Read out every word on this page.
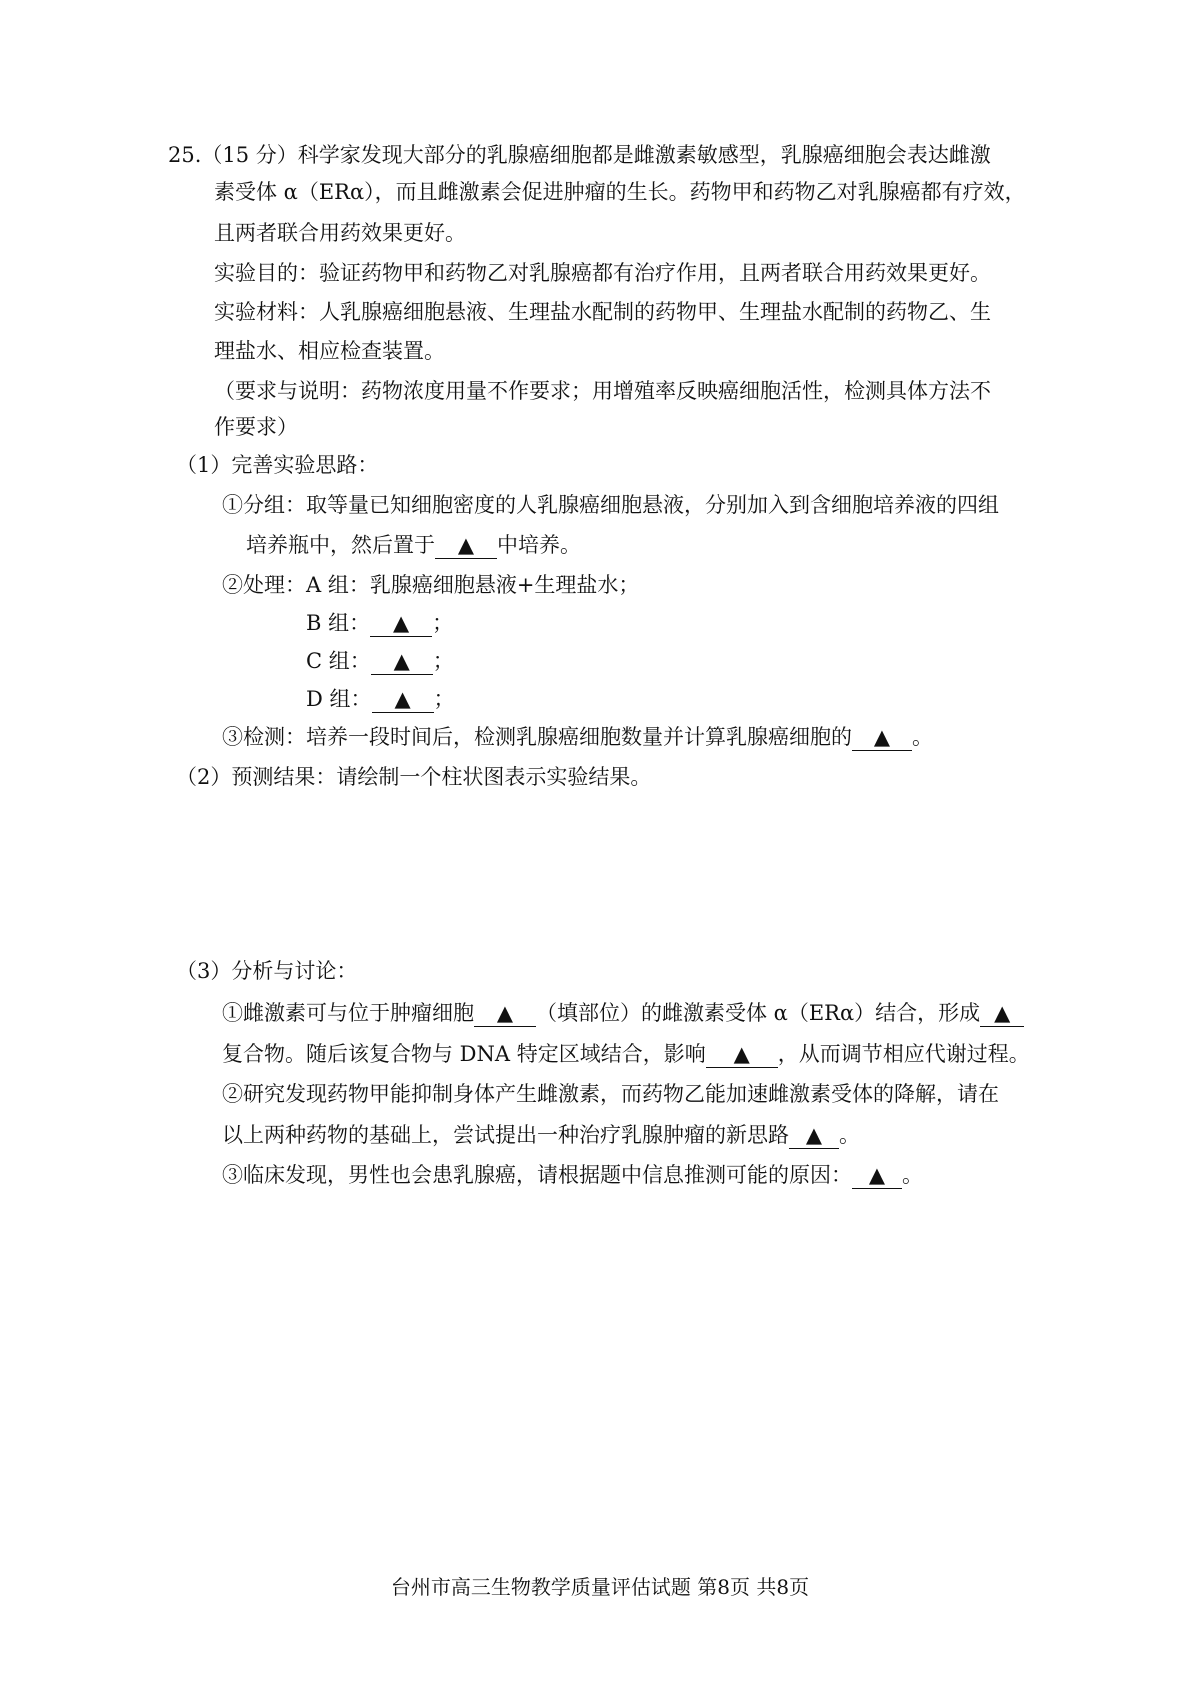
25.（15 分）科学家发现大部分的乳腺癌细胞都是雌激素敏感型，乳腺癌细胞会表达雌激
素受体 α（ERα），而且雌激素会促进肿瘤的生长。药物甲和药物乙对乳腺癌都有疗效，
且两者联合用药效果更好。
实验目的：验证药物甲和药物乙对乳腺癌都有治疗作用，且两者联合用药效果更好。
实验材料：人乳腺癌细胞悬液、生理盐水配制的药物甲、生理盐水配制的药物乙、生
理盐水、相应检查装置。
（要求与说明：药物浓度用量不作要求；用增殖率反映癌细胞活性，检测具体方法不
作要求）
（1）完善实验思路：
①分组：取等量已知细胞密度的人乳腺癌细胞悬液，分别加入到含细胞培养液的四组
培养瓶中，然后置于 ▲ 中培养。
②处理：A 组：乳腺癌细胞悬液+生理盐水；
B 组： ▲ ；
C 组： ▲ ；
D 组： ▲ ；
③检测：培养一段时间后，检测乳腺癌细胞数量并计算乳腺癌细胞的 ▲ 。
（2）预测结果：请绘制一个柱状图表示实验结果。
（3）分析与讨论：
①雌激素可与位于肿瘤细胞 ▲ （填部位）的雌激素受体 α（ERα）结合，形成 ▲
复合物。随后该复合物与 DNA 特定区域结合，影响 ▲ ，从而调节相应代谢过程。
②研究发现药物甲能抑制身体产生雌激素，而药物乙能加速雌激素受体的降解，请在
以上两种药物的基础上，尝试提出一种治疗乳腺肿瘤的新思路 ▲ 。
③临床发现，男性也会患乳腺癌，请根据题中信息推测可能的原因： ▲ 。
台州市高三生物教学质量评估试题 第8页 共8页
